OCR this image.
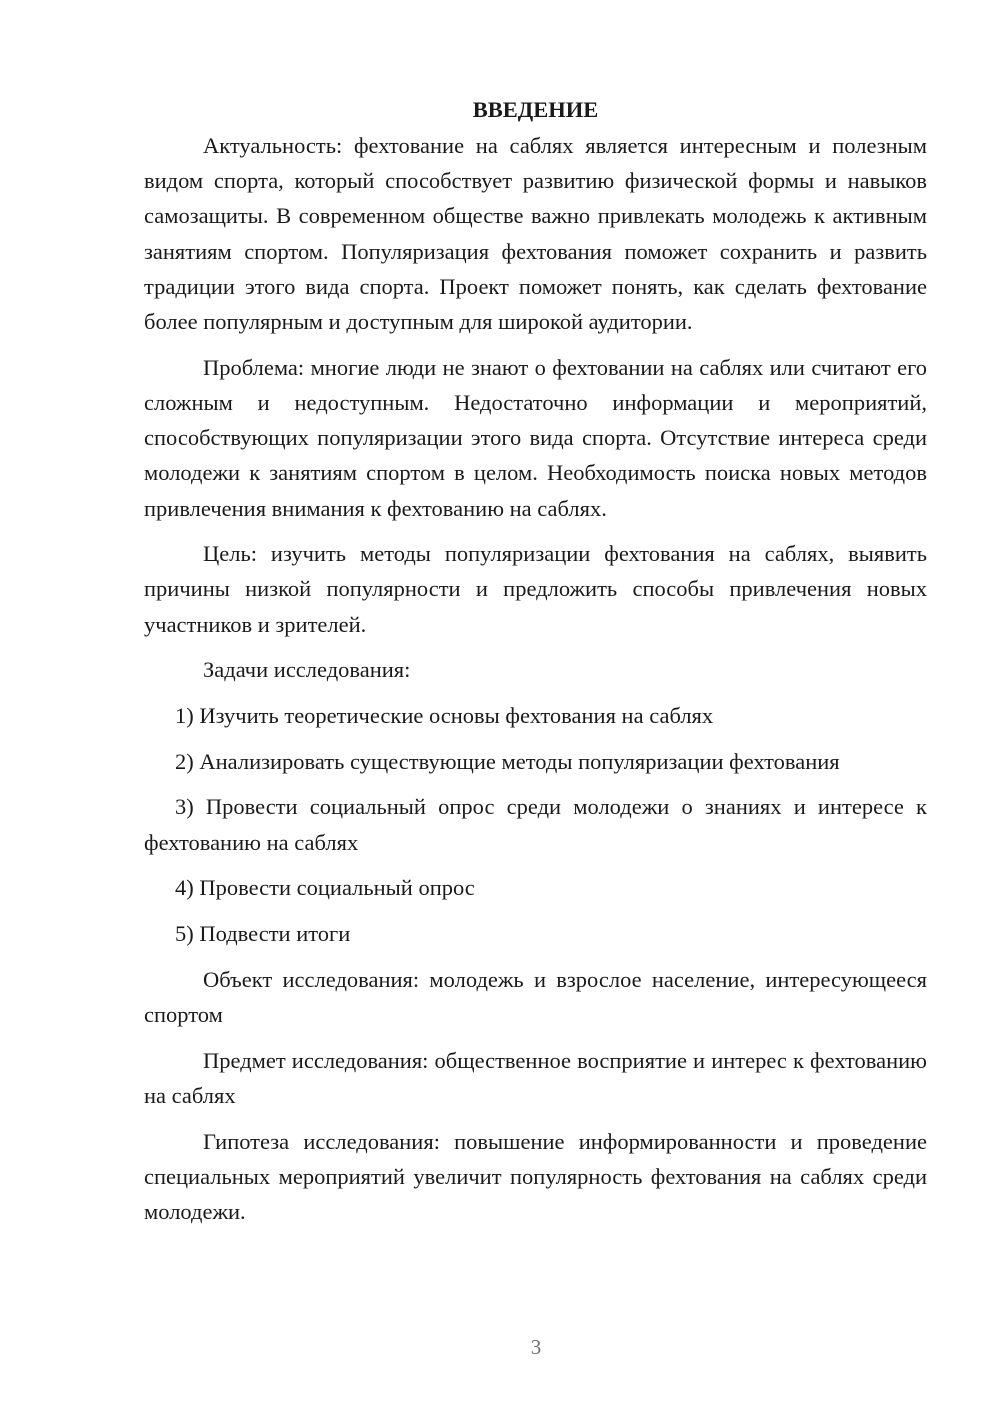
ВВЕДЕНИЕ

Актуальность: фехтование на саблях является интересным и полезным видом спорта, который способствует развитию физической формы и навыков самозащиты. В современном обществе важно привлекать молодежь к активным занятиям спортом. Популяризация фехтования поможет сохранить и развить традиции этого вида спорта. Проект поможет понять, как сделать фехтование более популярным и доступным для широкой аудитории.

Проблема: многие люди не знают о фехтовании на саблях или считают его сложным и недоступным. Недостаточно информации и мероприятий, способствующих популяризации этого вида спорта. Отсутствие интереса среди молодежи к занятиям спортом в целом. Необходимость поиска новых методов привлечения внимания к фехтованию на саблях.

Цель: изучить методы популяризации фехтования на саблях, выявить причины низкой популярности и предложить способы привлечения новых участников и зрителей.

Задачи исследования:

1) Изучить теоретические основы фехтования на саблях

2) Анализировать существующие методы популяризации фехтования

3) Провести социальный опрос среди молодежи о знаниях и интересе к фехтованию на саблях

4) Провести социальный опрос

5) Подвести итоги

Объект исследования: молодежь и взрослое население, интересующееся спортом

Предмет исследования: общественное восприятие и интерес к фехтованию на саблях

Гипотеза исследования: повышение информированности и проведение специальных мероприятий увеличит популярность фехтования на саблях среди молодежи.

3
